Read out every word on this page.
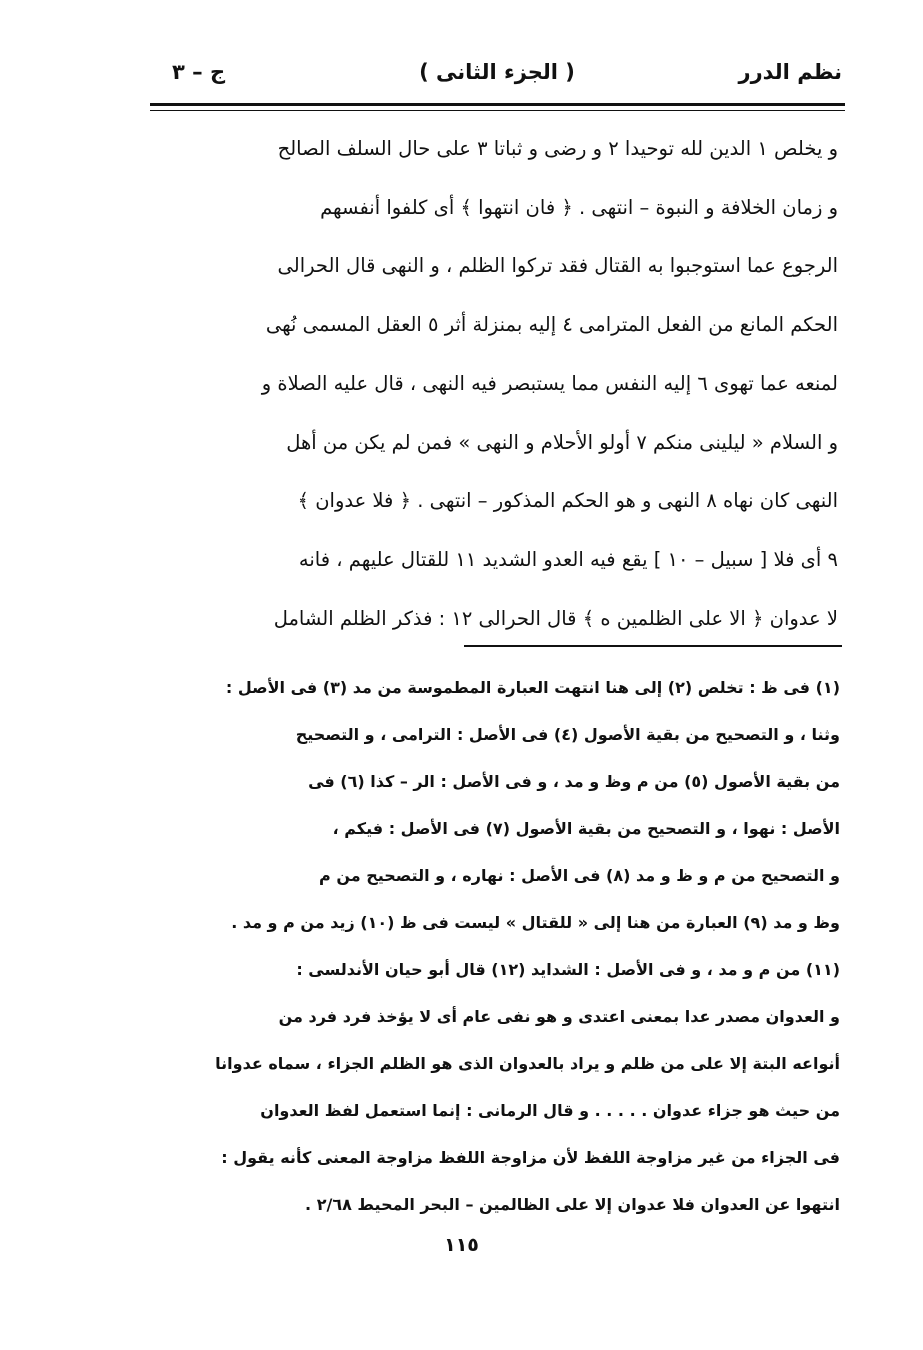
نظم الدرر
( الجزء الثانى )
ج – ٣

و يخلص ١ الدين لله توحيدا ٢ و رضى و ثباتا ٣ على حال السلف الصالح

و زمان الخلافة و النبوة – انتهى . ﴿ فان انتهوا ﴾ أى كلفوا أنفسهم

الرجوع عما استوجبوا به القتال فقد تركوا الظلم ، و النهى قال الحرالى

الحكم المانع من الفعل المترامى ٤ إليه بمنزلة أثر ٥ العقل المسمى نُهى

لمنعه عما تهوى ٦ إليه النفس مما يستبصر فيه النهى ، قال عليه الصلاة و

و السلام « ليلينى منكم ٧ أولو الأحلام و النهى » فمن لم يكن من أهل

النهى كان نهاه ٨ النهى و هو الحكم المذكور – انتهى . ﴿ فلا عدوان ﴾

٩ أى فلا [ سبيل – ١٠ ] يقع فيه العدو الشديد ١١ للقتال عليهم ، فانه

لا عدوان ﴿ الا على الظلمين ه ﴾ قال الحرالى ١٢ : فذكر الظلم الشامل

(١) فى ظ : تخلص (٢) إلى هنا انتهت العبارة المطموسة من مد (٣) فى الأصل :
وثنا ، و التصحيح من بقية الأصول (٤) فى الأصل : الترامى ، و التصحيح
من بقية الأصول (٥) من م وظ و مد ، و فى الأصل : الر – كذا (٦) فى
الأصل : نهوا ، و التصحيح من بقية الأصول (٧) فى الأصل : فيكم ،
و التصحيح من م و ظ و مد (٨) فى الأصل : نهاره ، و التصحيح من م
وظ و مد (٩) العبارة من هنا إلى « للقتال » ليست فى ظ (١٠) زيد من م و مد .
(١١) من م و مد ، و فى الأصل : الشدايد (١٢) قال أبو حيان الأندلسى :
و العدوان مصدر عدا بمعنى اعتدى و هو نفى عام أى لا يؤخذ فرد فرد من
أنواعه البتة إلا على من ظلم و يراد بالعدوان الذى هو الظلم الجزاء ، سماه عدوانا
من حيث هو جزاء عدوان . . . . . و قال الرمانى : إنما استعمل لفظ العدوان
فى الجزاء من غير مزاوجة اللفظ لأن مزاوجة اللفظ مزاوجة المعنى كأنه يقول :
انتهوا عن العدوان فلا عدوان إلا على الظالمين – البحر المحيط ٢/٦٨ .
١١٥
